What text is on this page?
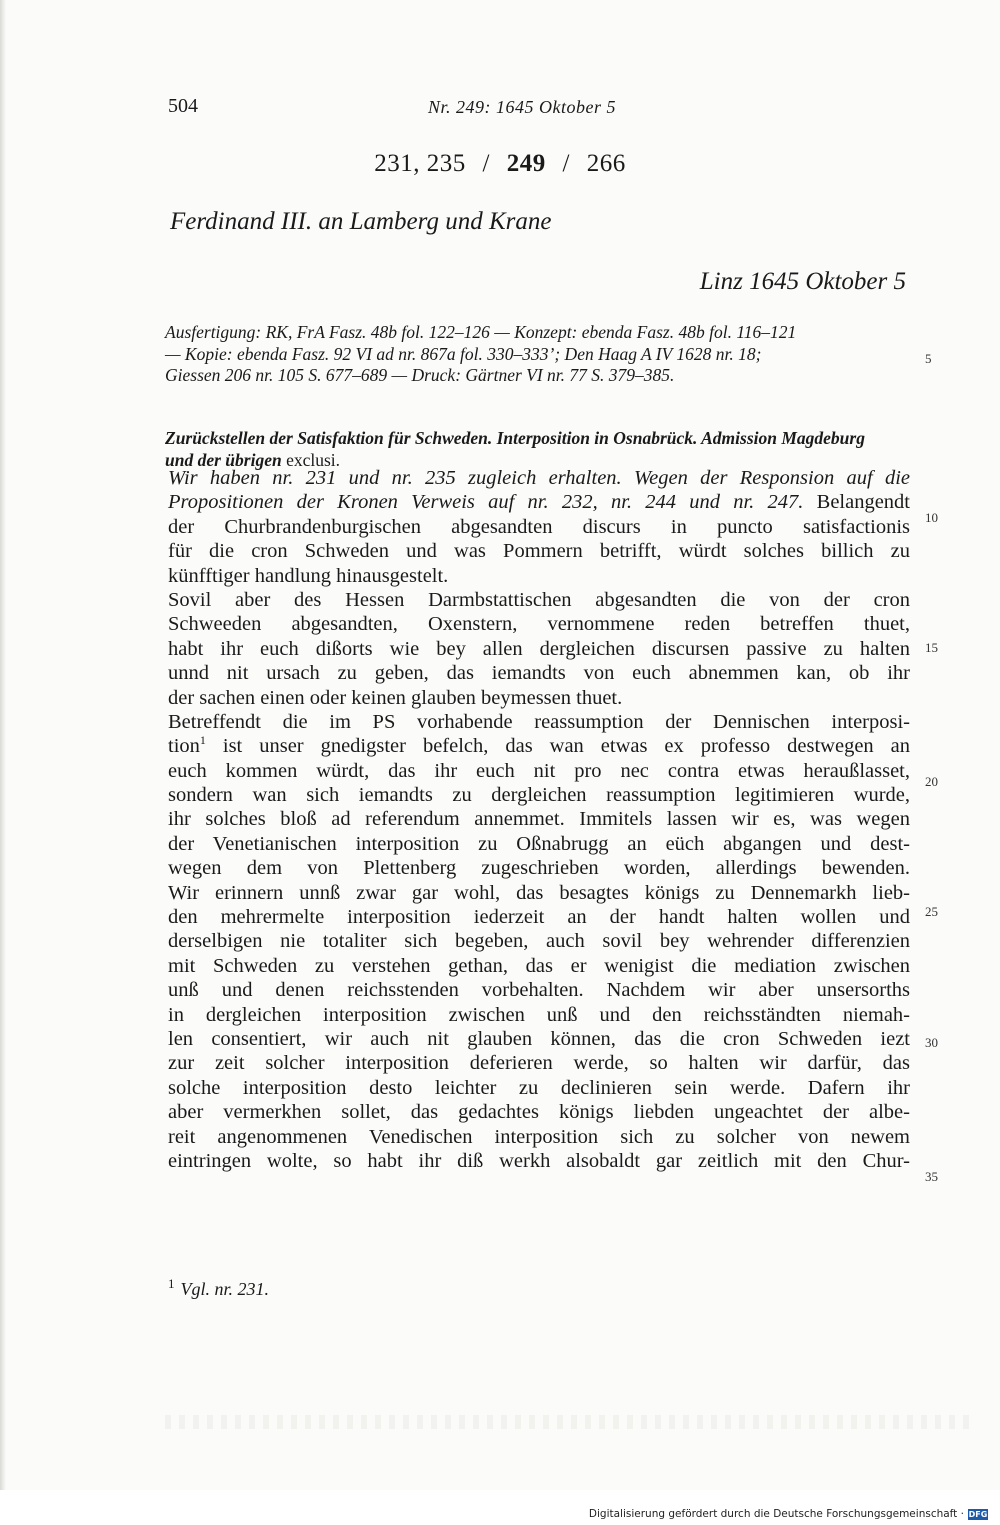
504	Nr. 249: 1645 Oktober 5
231, 235 / 249 / 266
Ferdinand III. an Lamberg und Krane
Linz 1645 Oktober 5
Ausfertigung: RK, FrA Fasz. 48b fol. 122–126 — Konzept: ebenda Fasz. 48b fol. 116–121
— Kopie: ebenda Fasz. 92 VI ad nr. 867a fol. 330–333’; Den Haag A IV 1628 nr. 18;
Giessen 206 nr. 105 S. 677–689 — Druck: Gärtner VI nr. 77 S. 379–385.
Zurückstellen der Satisfaktion für Schweden. Interposition in Osnabrück. Admission Magdeburg
und der übrigen exclusi.
Wir haben nr. 231 und nr. 235 zugleich erhalten. Wegen der Responsion auf die
Propositionen der Kronen Verweis auf nr. 232, nr. 244 und nr. 247. Belangendt
der Churbrandenburgischen abgesandten discurs in puncto satisfactionis
für die cron Schweden und was Pommern betrifft, würdt solches billich zu
künfftiger handlung hinausgestelt.
Sovil aber des Hessen Darmbstattischen abgesandten die von der cron
Schweeden abgesandten, Oxenstern, vernommene reden betreffen thuet,
habt ihr euch dißorts wie bey allen dergleichen discursen passive zu halten
unnd nit ursach zu geben, das iemandts von euch abnemmen kan, ob ihr
der sachen einen oder keinen glauben beymessen thuet.
Betreffendt die im PS vorhabende reassumption der Dennischen interposi-
tion$^1$ ist unser gnedigster befelch, das wan etwas ex professo destwegen an
euch kommen würdt, das ihr euch nit pro nec contra etwas heraußlasset,
sondern wan sich iemandts zu dergleichen reassumption legitimieren wurde,
ihr solches bloß ad referendum annemmet. Immitels lassen wir es, was wegen
der Venetianischen interposition zu Oßnabrugg an eüch abgangen und dest-
wegen dem von Plettenberg zugeschrieben worden, allerdings bewenden.
Wir erinnern unnß zwar gar wohl, das besagtes königs zu Dennemarkh lieb-
den mehrermelte interposition iederzeit an der handt halten wollen und
derselbigen nie totaliter sich begeben, auch sovil bey wehrender differenzien
mit Schweden zu verstehen gethan, das er wenigist die mediation zwischen
unß und denen reichsstenden vorbehalten. Nachdem wir aber unsersorths
in dergleichen interposition zwischen unß und den reichsständten niemah-
len consentiert, wir auch nit glauben können, das die cron Schweden iezt
zur zeit solcher interposition deferieren werde, so halten wir darfür, das
solche interposition desto leichter zu declinieren sein werde. Dafern ihr
aber vermerkhen sollet, das gedachtes königs liebden ungeachtet der albe-
reit angenommenen Venedischen interposition sich zu solcher von newem
eintringen wolte, so habt ihr diß werkh alsobaldt gar zeitlich mit den Chur-
5
10
15
20
25
30
35
$^1$ Vgl. nr. 231.
Digitalisierung gefördert durch die Deutsche Forschungsgemeinschaft · DFG
